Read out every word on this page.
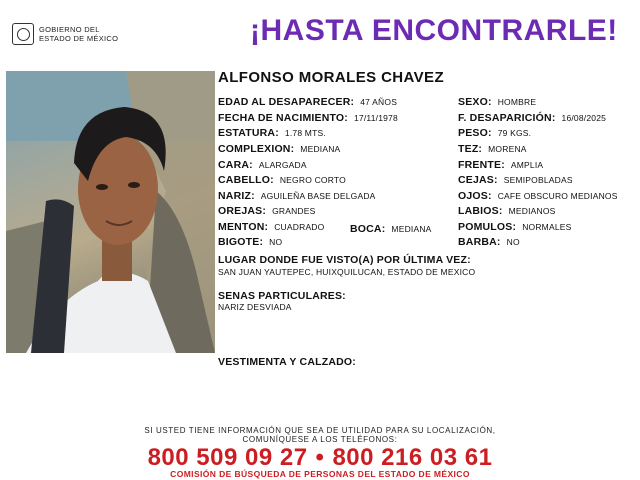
GOBIERNO DEL
ESTADO DE MÉXICO	¡HASTA ENCONTRARLE!
ALFONSO MORALES CHAVEZ
EDAD AL DESAPARECER: 47 AÑOS
FECHA DE NACIMIENTO: 17/11/1978
ESTATURA: 1.78 MTS.
COMPLEXION: MEDIANA
CARA: ALARGADA
CABELLO: NEGRO CORTO
NARIZ: AGUILEÑA BASE DELGADA
OREJAS: GRANDES
MENTON: CUADRADO BOCA: MEDIANA
BIGOTE: NO
SEXO: HOMBRE
F. DESAPARICIÓN: 16/08/2025
PESO: 79 KGS.
TEZ: MORENA
FRENTE: AMPLIA
CEJAS: SEMIPOBLADAS
OJOS: CAFE OBSCURO MEDIANOS
LABIOS: MEDIANOS
POMULOS: NORMALES
BARBA: NO
LUGAR DONDE FUE VISTO(A) POR ÚLTIMA VEZ:
SAN JUAN YAUTEPEC, HUIXQUILUCAN, ESTADO DE MEXICO
SENAS PARTICULARES:
NARIZ DESVIADA
VESTIMENTA Y CALZADO:
SI USTED TIENE INFORMACIÓN QUE SEA DE UTILIDAD PARA SU LOCALIZACIÓN,
COMUNÍQUESE A LOS TELÉFONOS:
800 509 09 27 • 800 216 03 61
COMISIÓN DE BÚSQUEDA DE PERSONAS DEL ESTADO DE MÉXICO
